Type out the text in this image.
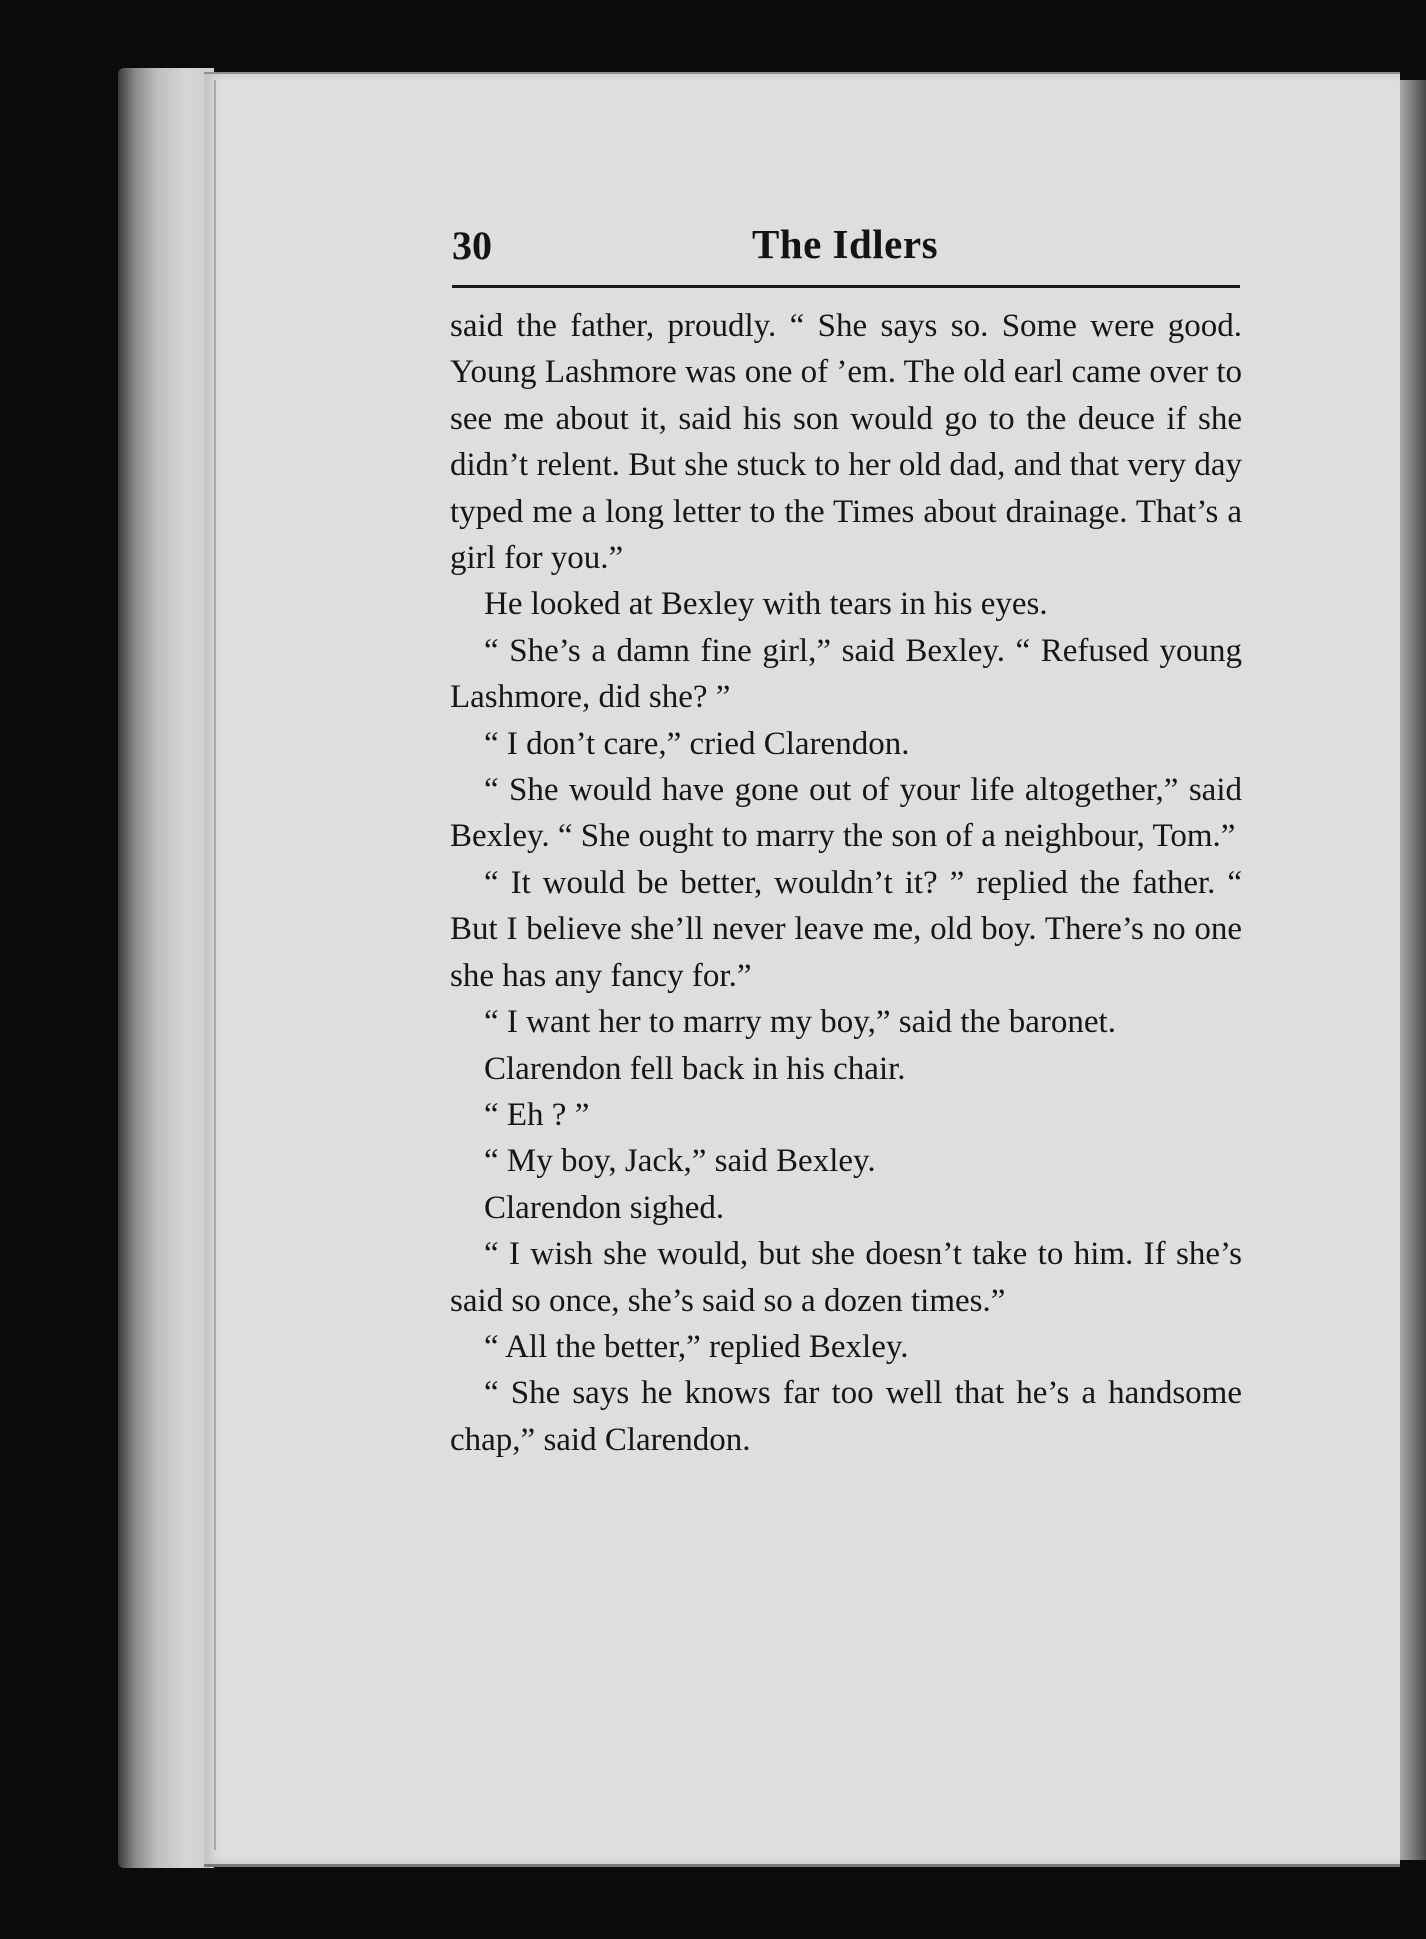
30	The Idlers

said the father, proudly. “ She says so. Some were good. Young Lashmore was one of ’em. The old earl came over to see me about it, said his son would go to the deuce if she didn’t relent. But she stuck to her old dad, and that very day typed me a long letter to the Times about drainage. That’s a girl for you.”

He looked at Bexley with tears in his eyes.

“ She’s a damn fine girl,” said Bexley. “ Refused young Lashmore, did she? ”

“ I don’t care,” cried Clarendon.

“ She would have gone out of your life altogether,” said Bexley. “ She ought to marry the son of a neighbour, Tom.”

“ It would be better, wouldn’t it? ” replied the father. “ But I believe she’ll never leave me, old boy. There’s no one she has any fancy for.”

“ I want her to marry my boy,” said the baronet.

Clarendon fell back in his chair.

“ Eh ? ”

“ My boy, Jack,” said Bexley.

Clarendon sighed.

“ I wish she would, but she doesn’t take to him. If she’s said so once, she’s said so a dozen times.”

“ All the better,” replied Bexley.

“ She says he knows far too well that he’s a handsome chap,” said Clarendon.
